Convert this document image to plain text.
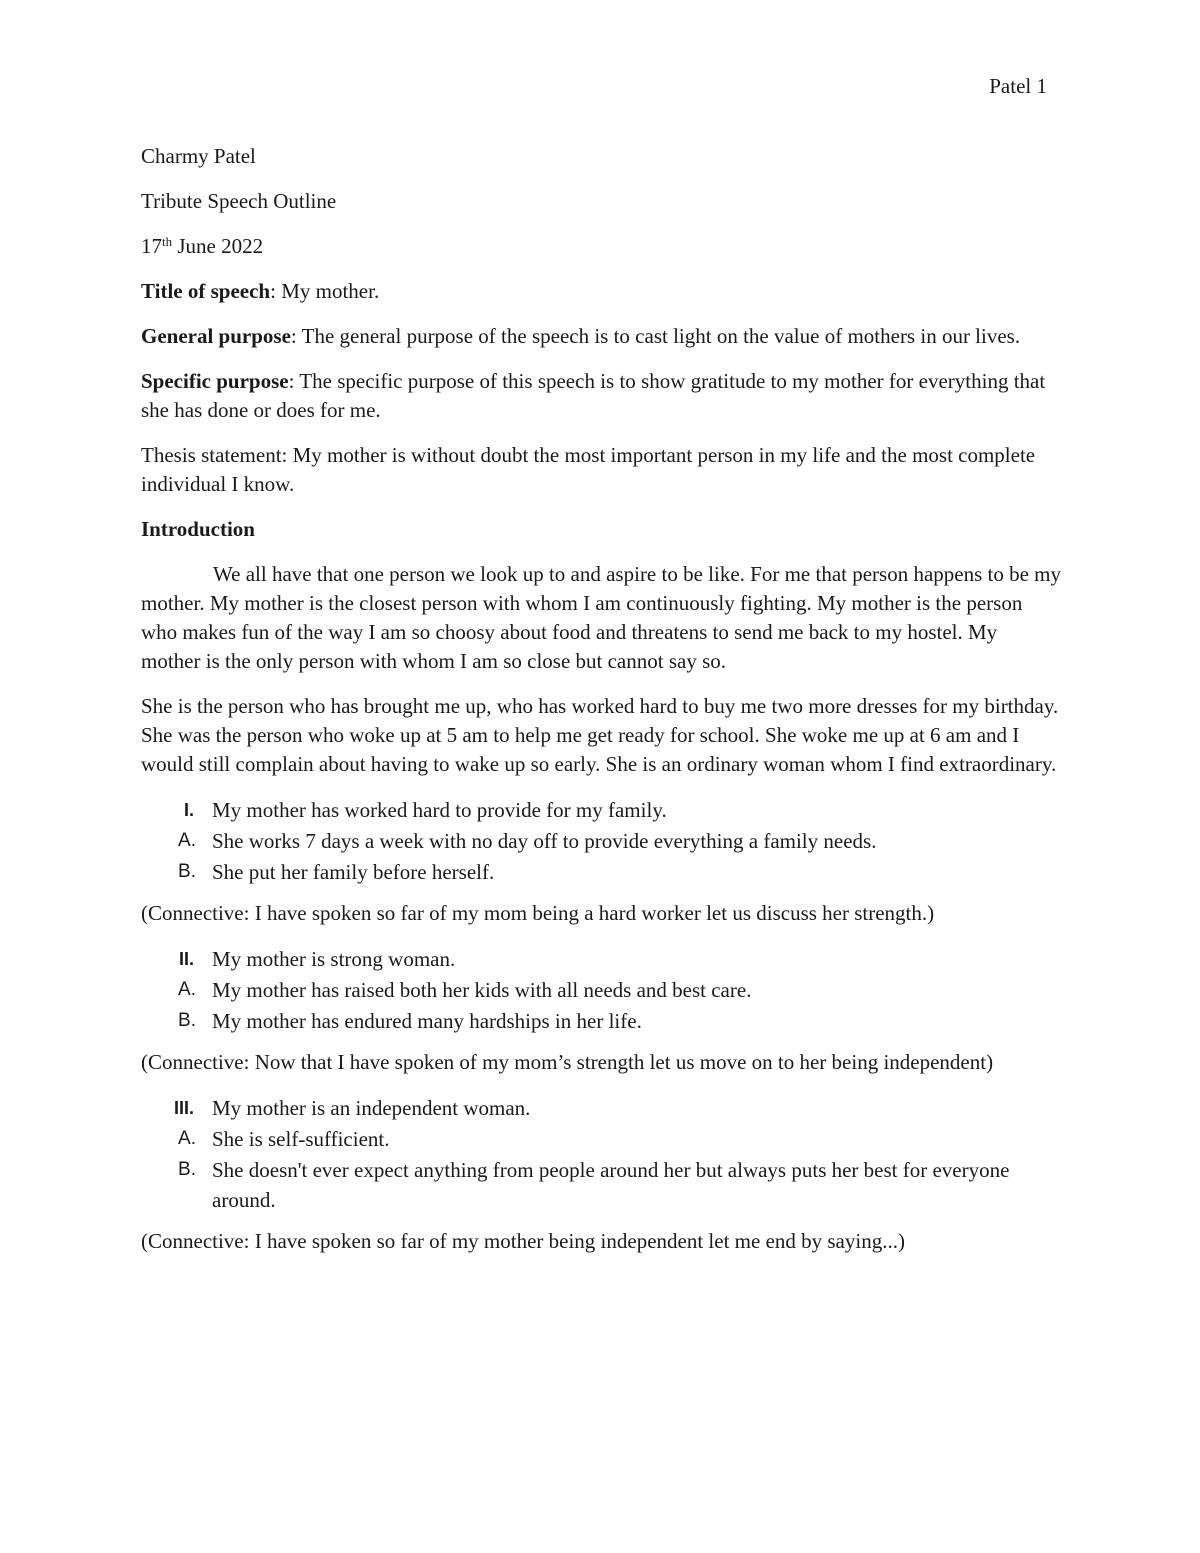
Patel 1

Charmy Patel

Tribute Speech Outline

17th June 2022

Title of speech: My mother.

General purpose: The general purpose of the speech is to cast light on the value of mothers in our lives.

Specific purpose: The specific purpose of this speech is to show gratitude to my mother for everything that she has done or does for me.

Thesis statement: My mother is without doubt the most important person in my life and the most complete individual I know.

Introduction

We all have that one person we look up to and aspire to be like. For me that person happens to be my mother. My mother is the closest person with whom I am continuously fighting. My mother is the person who makes fun of the way I am so choosy about food and threatens to send me back to my hostel. My mother is the only person with whom I am so close but cannot say so.

She is the person who has brought me up, who has worked hard to buy me two more dresses for my birthday. She was the person who woke up at 5 am to help me get ready for school. She woke me up at 6 am and I would still complain about having to wake up so early. She is an ordinary woman whom I find extraordinary.

I. My mother has worked hard to provide for my family.
A. She works 7 days a week with no day off to provide everything a family needs.
B. She put her family before herself.

(Connective: I have spoken so far of my mom being a hard worker let us discuss her strength.)

II. My mother is strong woman.
A. My mother has raised both her kids with all needs and best care.
B. My mother has endured many hardships in her life.

(Connective: Now that I have spoken of my mom’s strength let us move on to her being independent)

III. My mother is an independent woman.
A. She is self-sufficient.
B. She doesn't ever expect anything from people around her but always puts her best for everyone around.

(Connective: I have spoken so far of my mother being independent let me end by saying...)
